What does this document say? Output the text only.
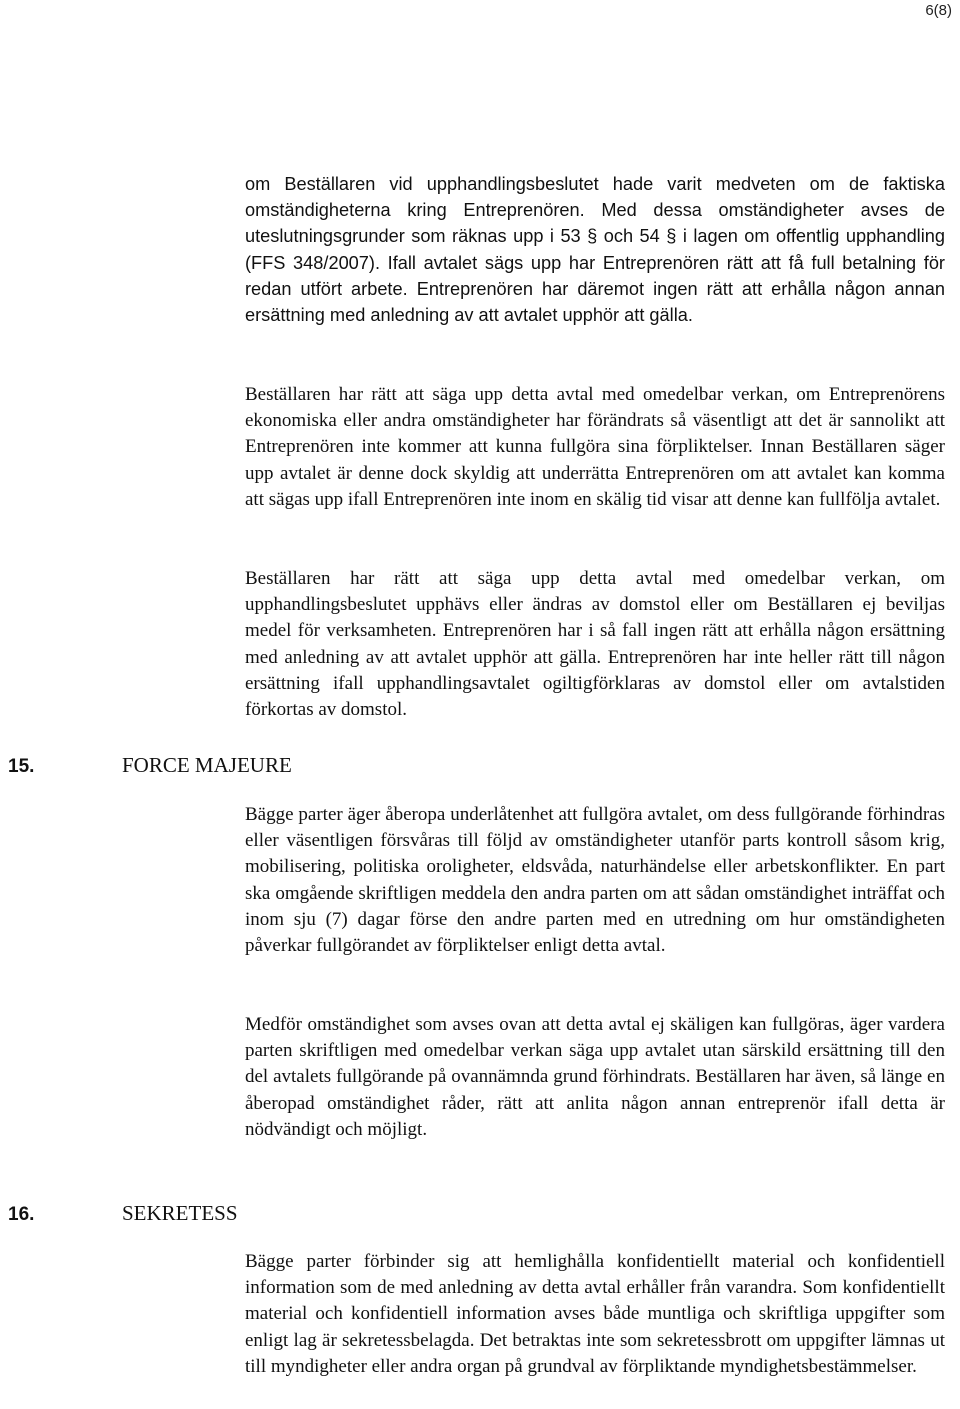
6(8)

om Beställaren vid upphandlingsbeslutet hade varit medveten om de faktiska omständigheterna kring Entreprenören. Med dessa omständigheter avses de uteslutningsgrunder som räknas upp i 53 § och 54 § i lagen om offentlig upphandling (FFS 348/2007). Ifall avtalet sägs upp har Entreprenören rätt att få full betalning för redan utfört arbete. Entreprenören har däremot ingen rätt att erhålla någon annan ersättning med anledning av att avtalet upphör att gälla.

Beställaren har rätt att säga upp detta avtal med omedelbar verkan, om Entreprenörens ekonomiska eller andra omständigheter har förändrats så väsentligt att det är sannolikt att Entreprenören inte kommer att kunna fullgöra sina förpliktelser. Innan Beställaren säger upp avtalet är denne dock skyldig att underrätta Entreprenören om att avtalet kan komma att sägas upp ifall Entreprenören inte inom en skälig tid visar att denne kan fullfölja avtalet.

Beställaren har rätt att säga upp detta avtal med omedelbar verkan, om upphandlingsbeslutet upphävs eller ändras av domstol eller om Beställaren ej beviljas medel för verksamheten. Entreprenören har i så fall ingen rätt att erhålla någon ersättning med anledning av att avtalet upphör att gälla. Entreprenören har inte heller rätt till någon ersättning ifall upphandlingsavtalet ogiltigförklaras av domstol eller om avtalstiden förkortas av domstol.

15.	FORCE MAJEURE

Bägge parter äger åberopa underlåtenhet att fullgöra avtalet, om dess fullgörande förhindras eller väsentligen försvåras till följd av omständigheter utanför parts kontroll såsom krig, mobilisering, politiska oroligheter, eldsvåda, naturhändelse eller arbetskonflikter. En part ska omgående skriftligen meddela den andra parten om att sådan omständighet inträffat och inom sju (7) dagar förse den andre parten med en utredning om hur omständigheten påverkar fullgörandet av förpliktelser enligt detta avtal.

Medför omständighet som avses ovan att detta avtal ej skäligen kan fullgöras, äger vardera parten skriftligen med omedelbar verkan säga upp avtalet utan särskild ersättning till den del avtalets fullgörande på ovannämnda grund förhindrats. Beställaren har även, så länge en åberopad omständighet råder, rätt att anlita någon annan entreprenör ifall detta är nödvändigt och möjligt.

16.	SEKRETESS

Bägge parter förbinder sig att hemlighålla konfidentiellt material och konfidentiell information som de med anledning av detta avtal erhåller från varandra. Som konfidentiellt material och konfidentiell information avses både muntliga och skriftliga uppgifter som enligt lag är sekretessbelagda. Det betraktas inte som sekretessbrott om uppgifter lämnas ut till myndigheter eller andra organ på grundval av förpliktande myndighetsbestämmelser.
